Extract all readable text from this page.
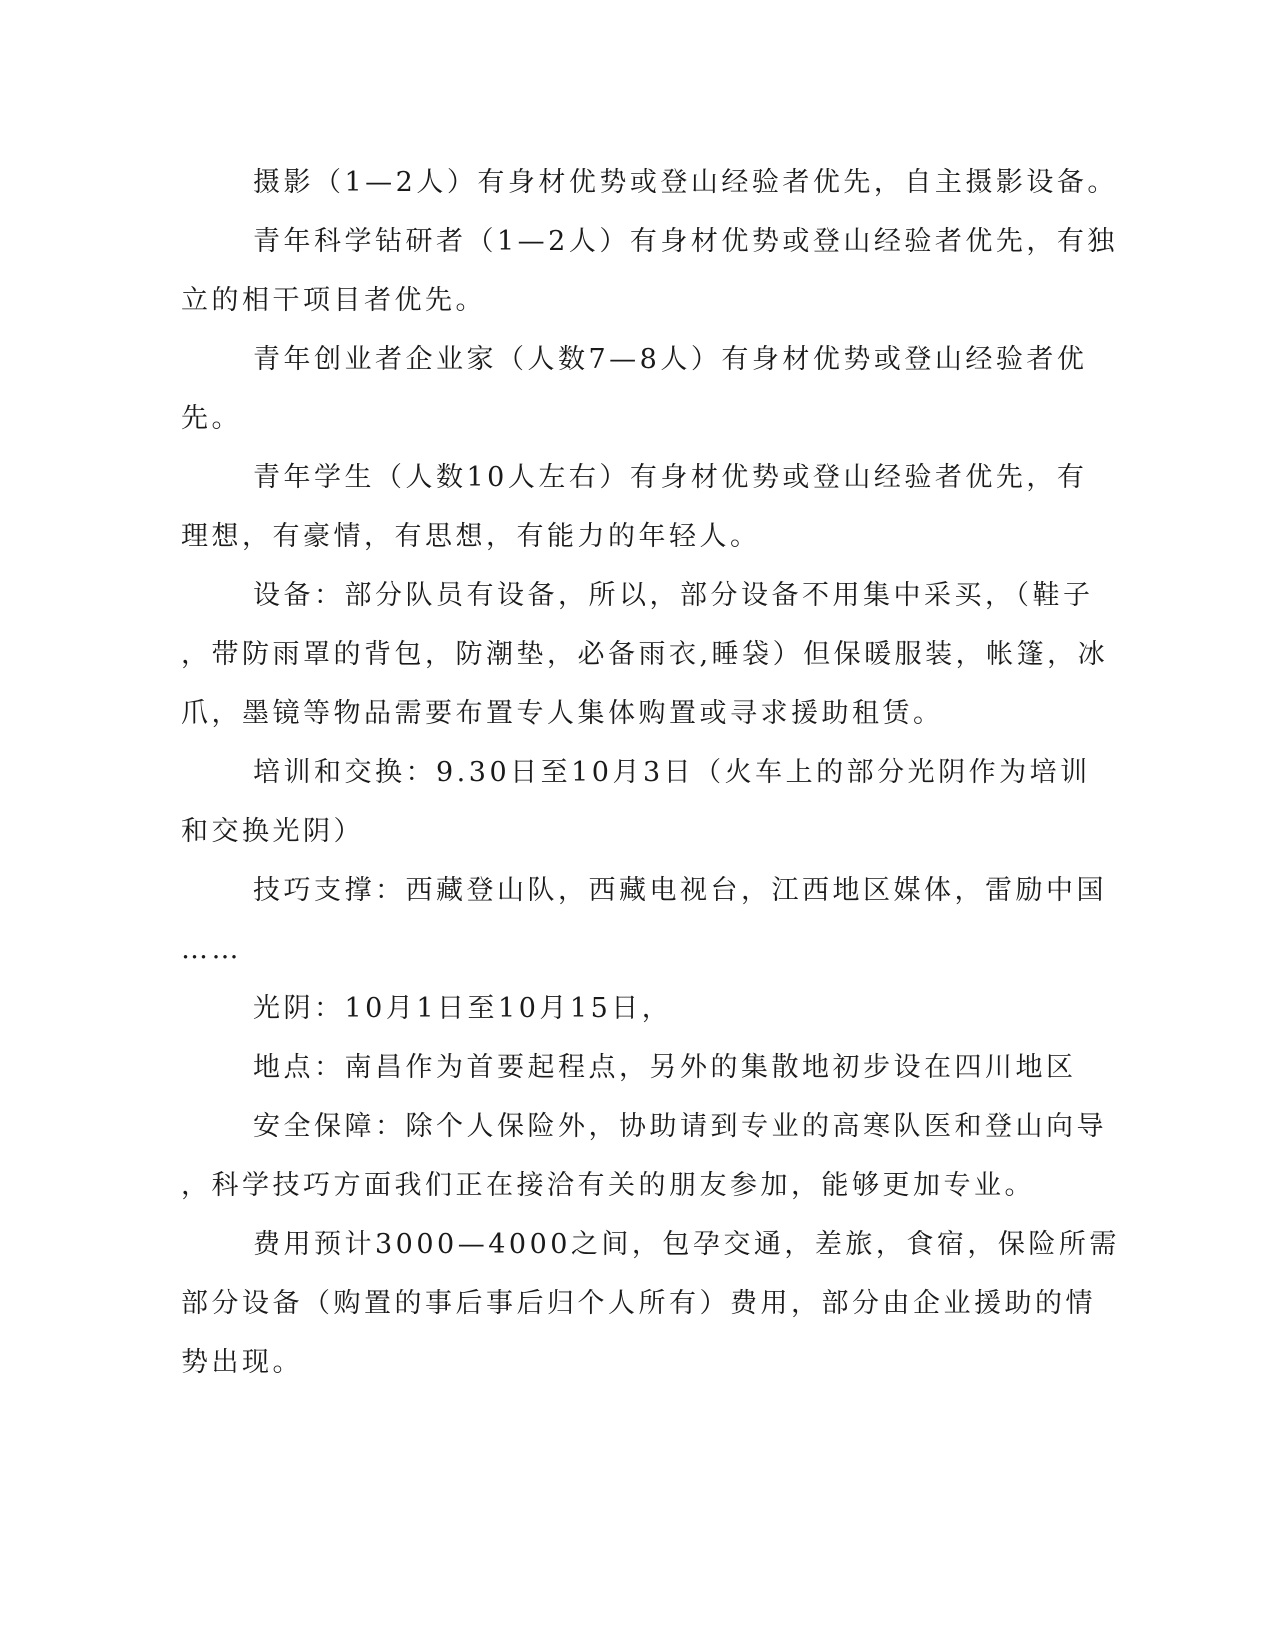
摄影（1—2人）有身材优势或登山经验者优先，自主摄影设备。
青年科学钻研者（1—2人）有身材优势或登山经验者优先，有独
立的相干项目者优先。
青年创业者企业家（人数7—8人）有身材优势或登山经验者优
先。
青年学生（人数10人左右）有身材优势或登山经验者优先，有
理想，有豪情，有思想，有能力的年轻人。
设备：部分队员有设备，所以，部分设备不用集中采买，（鞋子
，带防雨罩的背包，防潮垫，必备雨衣,睡袋）但保暖服装，帐篷，冰
爪，墨镜等物品需要布置专人集体购置或寻求援助租赁。
培训和交换：9.30日至10月3日（火车上的部分光阴作为培训
和交换光阴）
技巧支撑：西藏登山队，西藏电视台，江西地区媒体，雷励中国
……
光阴：10月1日至10月15日，
地点：南昌作为首要起程点，另外的集散地初步设在四川地区
安全保障：除个人保险外，协助请到专业的高寒队医和登山向导
，科学技巧方面我们正在接洽有关的朋友参加，能够更加专业。
费用预计3000—4000之间，包孕交通，差旅，食宿，保险所需
部分设备（购置的事后事后归个人所有）费用，部分由企业援助的情
势出现。
